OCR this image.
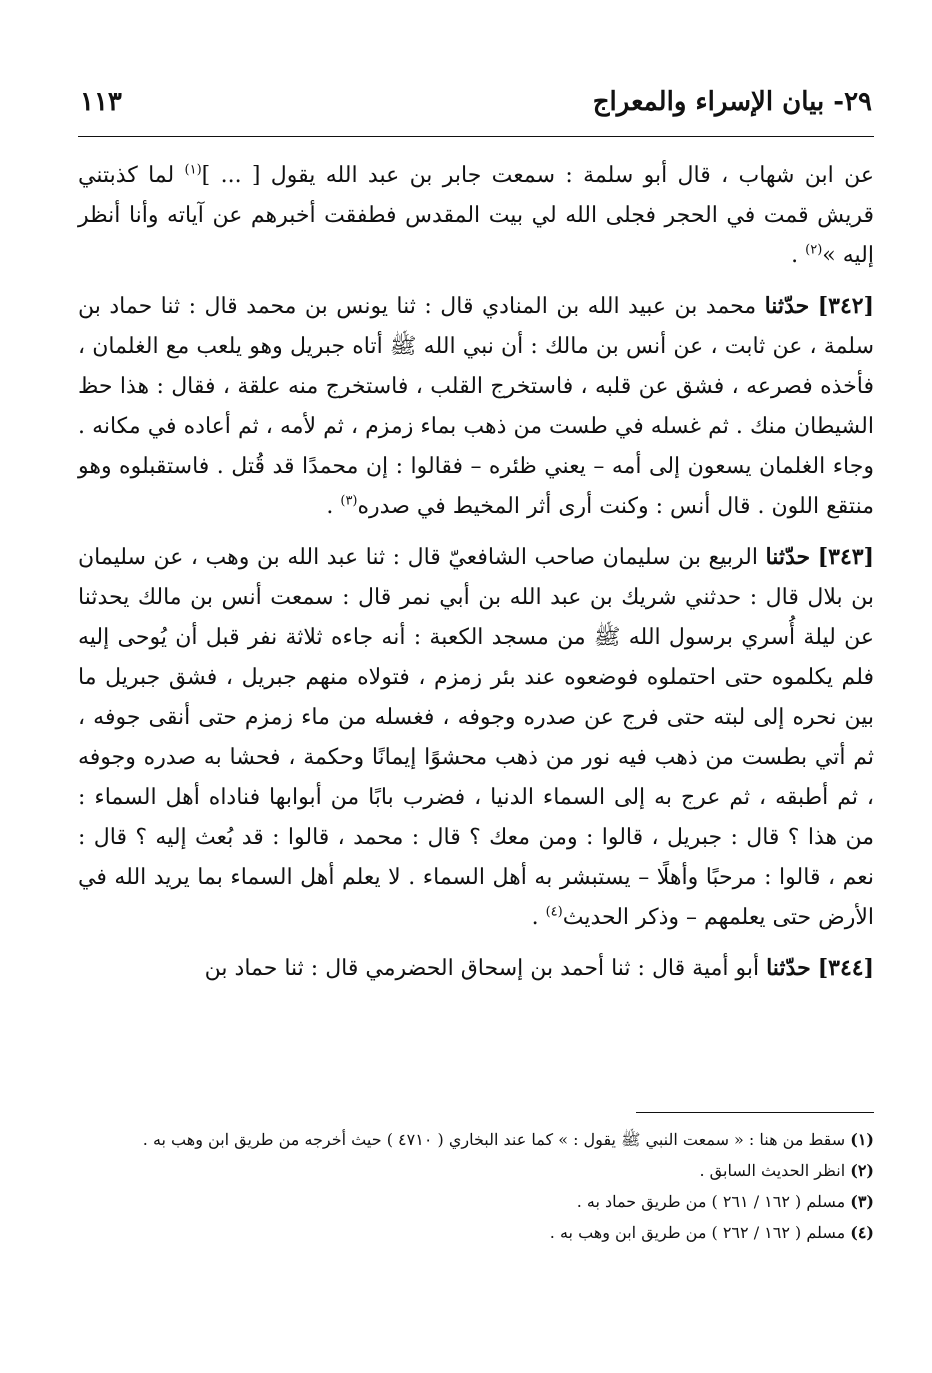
٢٩- بيان الإسراء والمعراج
١١٣

عن ابن شهاب ، قال أبو سلمة : سمعت جابر بن عبد الله يقول [ ... ]$^{(١)}$ لما كذبتني قريش قمت في الحجر فجلى الله لي بيت المقدس فطفقت أخبرهم عن آياته وأنا أنظر إليه »$^{(٢)}$ .

[٣٤٢] حدّثنا محمد بن عبيد الله بن المنادي قال : ثنا يونس بن محمد قال : ثنا حماد بن سلمة ، عن ثابت ، عن أنس بن مالك : أن نبي الله ﷺ أتاه جبريل وهو يلعب مع الغلمان ، فأخذه فصرعه ، فشق عن قلبه ، فاستخرج القلب ، فاستخرج منه علقة ، فقال : هذا حظ الشيطان منك . ثم غسله في طست من ذهب بماء زمزم ، ثم لأمه ، ثم أعاده في مكانه . وجاء الغلمان يسعون إلى أمه – يعني ظئره – فقالوا : إن محمدًا قد قُتل . فاستقبلوه وهو منتقع اللون . قال أنس : وكنت أرى أثر المخيط في صدره$^{(٣)}$ .

[٣٤٣] حدّثنا الربيع بن سليمان صاحب الشافعيّ قال : ثنا عبد الله بن وهب ، عن سليمان بن بلال قال : حدثني شريك بن عبد الله بن أبي نمر قال : سمعت أنس بن مالك يحدثنا عن ليلة أُسري برسول الله ﷺ من مسجد الكعبة : أنه جاءه ثلاثة نفر قبل أن يُوحى إليه فلم يكلموه حتى احتملوه فوضعوه عند بئر زمزم ، فتولاه منهم جبريل ، فشق جبريل ما بين نحره إلى لبته حتى فرج عن صدره وجوفه ، فغسله من ماء زمزم حتى أنقى جوفه ، ثم أتي بطست من ذهب فيه نور من ذهب محشوًا إيمانًا وحكمة ، فحشا به صدره وجوفه ، ثم أطبقه ، ثم عرج به إلى السماء الدنيا ، فضرب بابًا من أبوابها فناداه أهل السماء : من هذا ؟ قال : جبريل ، قالوا : ومن معك ؟ قال : محمد ، قالوا : قد بُعث إليه ؟ قال : نعم ، قالوا : مرحبًا وأهلًا – يستبشر به أهل السماء . لا يعلم أهل السماء بما يريد الله في الأرض حتى يعلمهم – وذكر الحديث$^{(٤)}$ .

[٣٤٤] حدّثنا أبو أمية قال : ثنا أحمد بن إسحاق الحضرمي قال : ثنا حماد بن

(١) سقط من هنا : « سمعت النبي ﷺ يقول : » كما عند البخاري ( ٤٧١٠ ) حيث أخرجه من طريق ابن وهب به .

(٢) انظر الحديث السابق .

(٣) مسلم ( ١٦٢ / ٢٦١ ) من طريق حماد به .

(٤) مسلم ( ١٦٢ / ٢٦٢ ) من طريق ابن وهب به .
